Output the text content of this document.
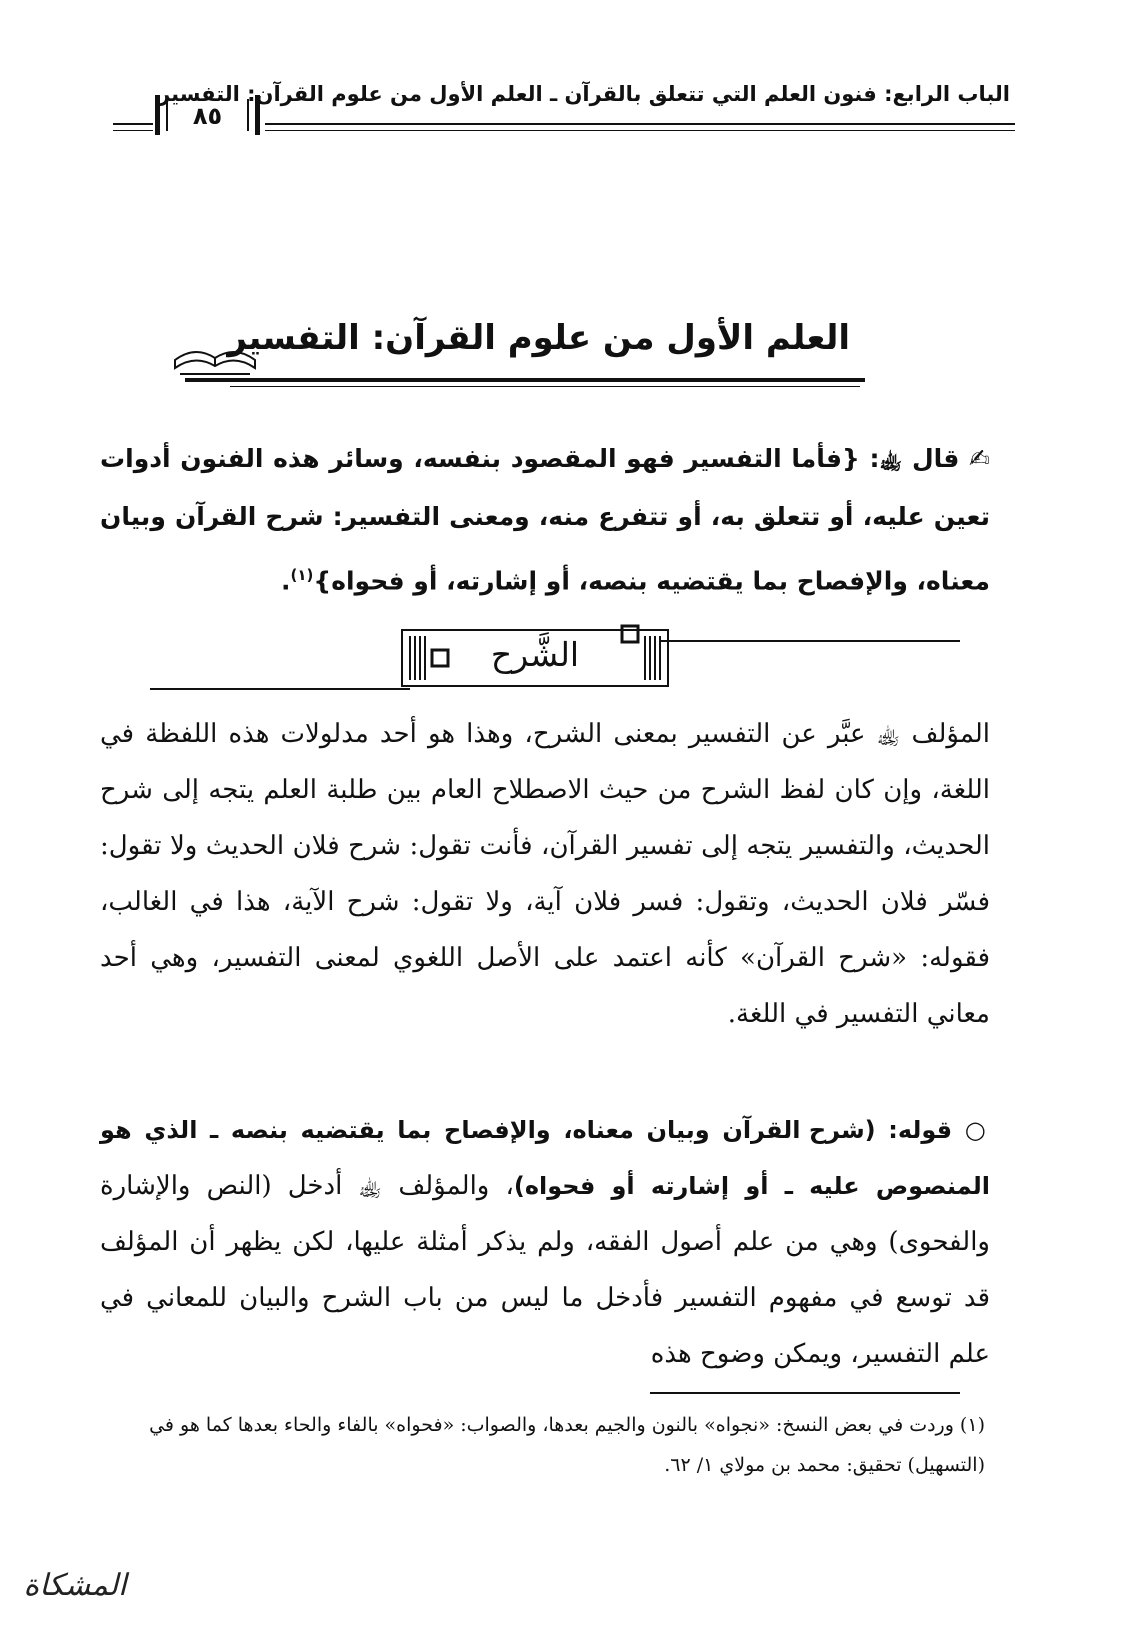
الباب الرابع: فنون العلم التي تتعلق بالقرآن ـ العلم الأول من علوم القرآن: التفسير
٨٥
العلم الأول من علوم القرآن: التفسير
✍ قال ﵀: {فأما التفسير فهو المقصود بنفسه، وسائر هذه الفنون أدوات تعين عليه، أو تتعلق به، أو تتفرع منه، ومعنى التفسير: شرح القرآن وبيان معناه، والإفصاح بما يقتضيه بنصه، أو إشارته، أو فحواه}$^{(١)}$.
الشَّرح
المؤلف ﵀ عبَّر عن التفسير بمعنى الشرح، وهذا هو أحد مدلولات هذه اللفظة في اللغة، وإن كان لفظ الشرح من حيث الاصطلاح العام بين طلبة العلم يتجه إلى شرح الحديث، والتفسير يتجه إلى تفسير القرآن، فأنت تقول: شرح فلان الحديث ولا تقول: فسّر فلان الحديث، وتقول: فسر فلان آية، ولا تقول: شرح الآية، هذا في الغالب، فقوله: «شرح القرآن» كأنه اعتمد على الأصل اللغوي لمعنى التفسير، وهي أحد معاني التفسير في اللغة.
○ قوله: (شرح القرآن وبيان معناه، والإفصاح بما يقتضيه بنصه ـ الذي هو المنصوص عليه ـ أو إشارته أو فحواه)، والمؤلف ﵀ أدخل (النص والإشارة والفحوى) وهي من علم أصول الفقه، ولم يذكر أمثلة عليها، لكن يظهر أن المؤلف قد توسع في مفهوم التفسير فأدخل ما ليس من باب الشرح والبيان للمعاني في علم التفسير، ويمكن وضوح هذه
(١) وردت في بعض النسخ: «نجواه» بالنون والجيم بعدها، والصواب: «فحواه» بالفاء والحاء بعدها كما هو في (التسهيل) تحقيق: محمد بن مولاي ١/ ٦٢.
المشكاة
